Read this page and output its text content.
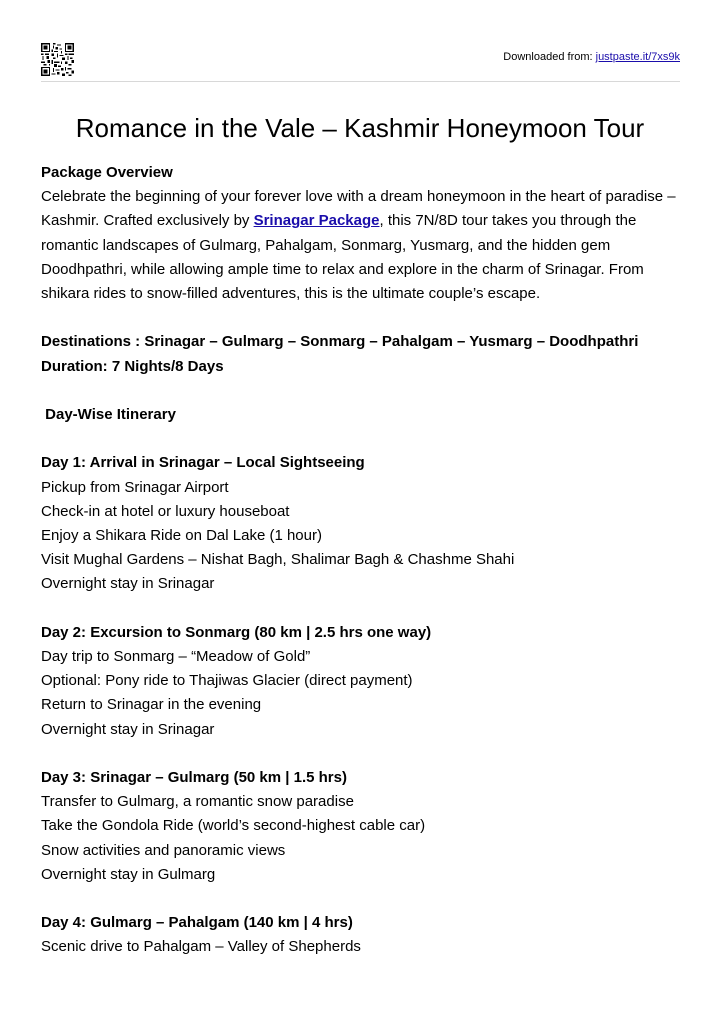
Downloaded from: justpaste.it/7xs9k
Romance in the Vale – Kashmir Honeymoon Tour

Package Overview

Celebrate the beginning of your forever love with a dream honeymoon in the heart of paradise – Kashmir. Crafted exclusively by Srinagar Package, this 7N/8D tour takes you through the romantic landscapes of Gulmarg, Pahalgam, Sonmarg, Yusmarg, and the hidden gem Doodhpathri, while allowing ample time to relax and explore in the charm of Srinagar. From shikara rides to snow-filled adventures, this is the ultimate couple’s escape.

Destinations : Srinagar – Gulmarg – Sonmarg – Pahalgam – Yusmarg – Doodhpathri

Duration: 7 Nights/8 Days

Day-Wise Itinerary

Day 1: Arrival in Srinagar – Local Sightseeing

Pickup from Srinagar Airport

Check-in at hotel or luxury houseboat

Enjoy a Shikara Ride on Dal Lake (1 hour)

Visit Mughal Gardens – Nishat Bagh, Shalimar Bagh & Chashme Shahi

Overnight stay in Srinagar

Day 2: Excursion to Sonmarg (80 km | 2.5 hrs one way)

Day trip to Sonmarg – “Meadow of Gold”

Optional: Pony ride to Thajiwas Glacier (direct payment)

Return to Srinagar in the evening

Overnight stay in Srinagar

Day 3: Srinagar – Gulmarg (50 km | 1.5 hrs)

Transfer to Gulmarg, a romantic snow paradise

Take the Gondola Ride (world’s second-highest cable car)

Snow activities and panoramic views

Overnight stay in Gulmarg

Day 4: Gulmarg – Pahalgam (140 km | 4 hrs)

Scenic drive to Pahalgam – Valley of Shepherds
